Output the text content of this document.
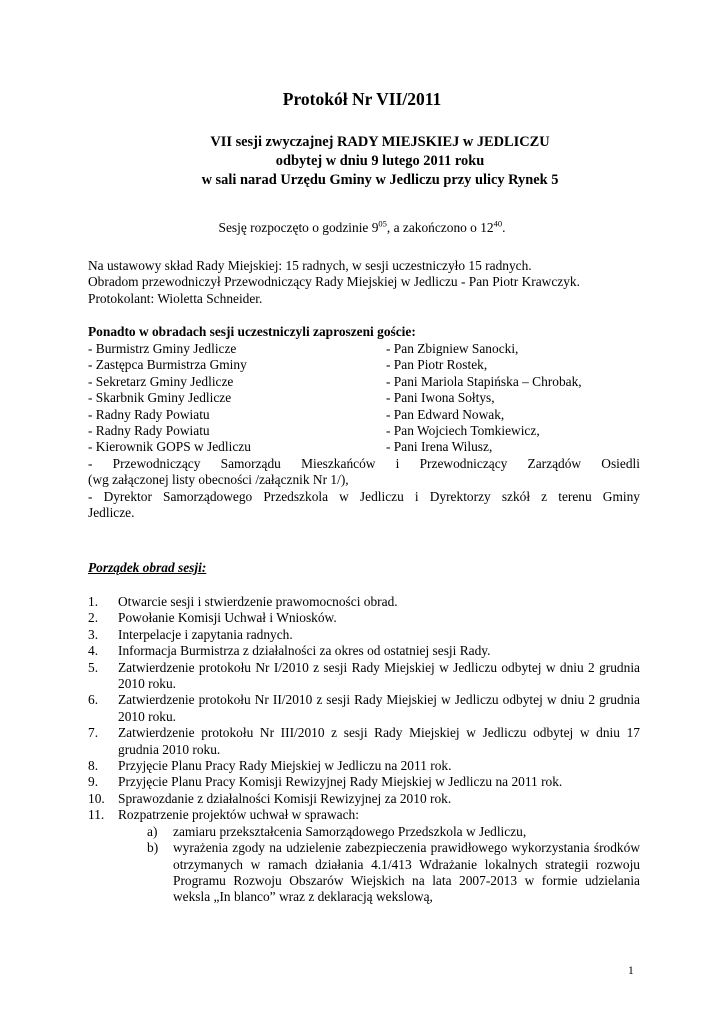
Protokół Nr VII/2011
VII sesji zwyczajnej RADY MIEJSKIEJ w JEDLICZU
odbytej w dniu 9 lutego 2011 roku
w sali narad Urzędu Gminy w Jedliczu przy ulicy Rynek 5
Sesję rozpoczęto o godzinie $9^{05}$, a zakończono o $12^{40}$.
Na ustawowy skład Rady Miejskiej: 15 radnych, w sesji uczestniczyło 15 radnych.
Obradom przewodniczył Przewodniczący Rady Miejskiej w Jedliczu - Pan Piotr Krawczyk.
Protokolant: Wioletta Schneider.
Ponadto w obradach sesji uczestniczyli zaproszeni goście:
- Burmistrz Gminy Jedlicze	- Pan Zbigniew Sanocki,
- Zastępca Burmistrza Gminy	- Pan Piotr Rostek,
- Sekretarz Gminy Jedlicze	- Pani Mariola Stapińska – Chrobak,
- Skarbnik Gminy Jedlicze	- Pani Iwona Sołtys,
- Radny Rady Powiatu	- Pan Edward Nowak,
- Radny Rady Powiatu	- Pan Wojciech Tomkiewicz,
- Kierownik GOPS w Jedliczu	- Pani Irena Wilusz,
- Przewodniczący Samorządu Mieszkańców i Przewodniczący Zarządów Osiedli
(wg załączonej listy obecności /załącznik Nr 1/),
- Dyrektor Samorządowego Przedszkola w Jedliczu i Dyrektorzy szkół z terenu Gminy
Jedlicze.
Porządek obrad sesji:
1.	Otwarcie sesji i stwierdzenie prawomocności obrad.
2.	Powołanie Komisji Uchwał i Wniosków.
3.	Interpelacje i zapytania radnych.
4.	Informacja Burmistrza z działalności za okres od ostatniej sesji Rady.
5.	Zatwierdzenie protokołu Nr I/2010 z sesji Rady Miejskiej w Jedliczu odbytej w dniu 2 grudnia 2010 roku.
6.	Zatwierdzenie protokołu Nr II/2010 z sesji Rady Miejskiej w Jedliczu odbytej w dniu 2 grudnia 2010 roku.
7.	Zatwierdzenie protokołu Nr III/2010 z sesji Rady Miejskiej w Jedliczu odbytej w dniu 17 grudnia 2010 roku.
8.	Przyjęcie Planu Pracy Rady Miejskiej w Jedliczu na 2011 rok.
9.	Przyjęcie Planu Pracy Komisji Rewizyjnej Rady Miejskiej w Jedliczu na 2011 rok.
10. Sprawozdanie z działalności Komisji Rewizyjnej za 2010 rok.
11.	Rozpatrzenie projektów uchwał w sprawach:
a)	zamiaru przekształcenia Samorządowego Przedszkola w Jedliczu,
b)	wyrażenia zgody na udzielenie zabezpieczenia prawidłowego wykorzystania środków otrzymanych w ramach działania 4.1/413 Wdrażanie lokalnych strategii rozwoju Programu Rozwoju Obszarów Wiejskich na lata 2007-2013 w formie udzielania weksla „In blanco” wraz z deklaracją wekslową,
1
